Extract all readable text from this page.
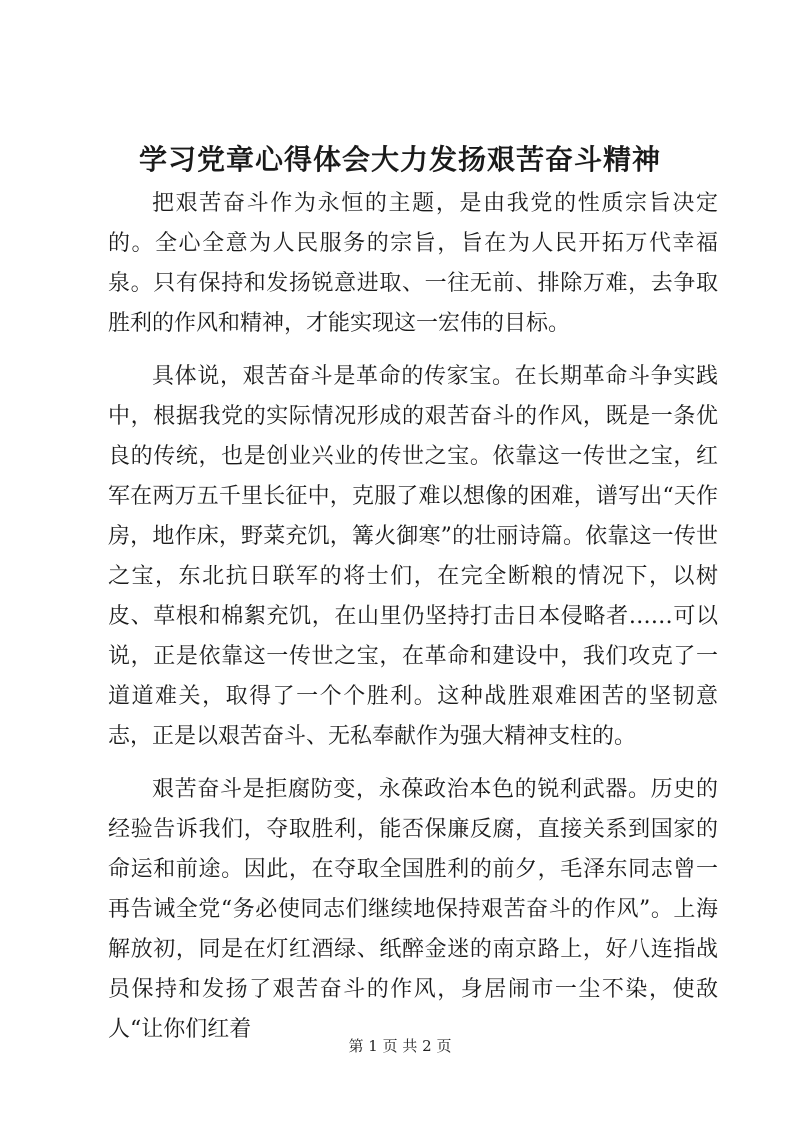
学习党章心得体会大力发扬艰苦奋斗精神

把艰苦奋斗作为永恒的主题，是由我党的性质宗旨决定的。全心全意为人民服务的宗旨，旨在为人民开拓万代幸福泉。只有保持和发扬锐意进取、一往无前、排除万难，去争取胜利的作风和精神，才能实现这一宏伟的目标。

具体说，艰苦奋斗是革命的传家宝。在长期革命斗争实践中，根据我党的实际情况形成的艰苦奋斗的作风，既是一条优良的传统，也是创业兴业的传世之宝。依靠这一传世之宝，红军在两万五千里长征中，克服了难以想像的困难，谱写出“天作房，地作床，野菜充饥，篝火御寒”的壮丽诗篇。依靠这一传世之宝，东北抗日联军的将士们，在完全断粮的情况下，以树皮、草根和棉絮充饥，在山里仍坚持打击日本侵略者……可以说，正是依靠这一传世之宝，在革命和建设中，我们攻克了一道道难关，取得了一个个胜利。这种战胜艰难困苦的坚韧意志，正是以艰苦奋斗、无私奉献作为强大精神支柱的。

艰苦奋斗是拒腐防变，永葆政治本色的锐利武器。历史的经验告诉我们，夺取胜利，能否保廉反腐，直接关系到国家的命运和前途。因此，在夺取全国胜利的前夕，毛泽东同志曾一再告诫全党“务必使同志们继续地保持艰苦奋斗的作风”。上海解放初，同是在灯红酒绿、纸醉金迷的南京路上，好八连指战员保持和发扬了艰苦奋斗的作风，身居闹市一尘不染，使敌人“让你们红着

第 1 页 共 2 页
